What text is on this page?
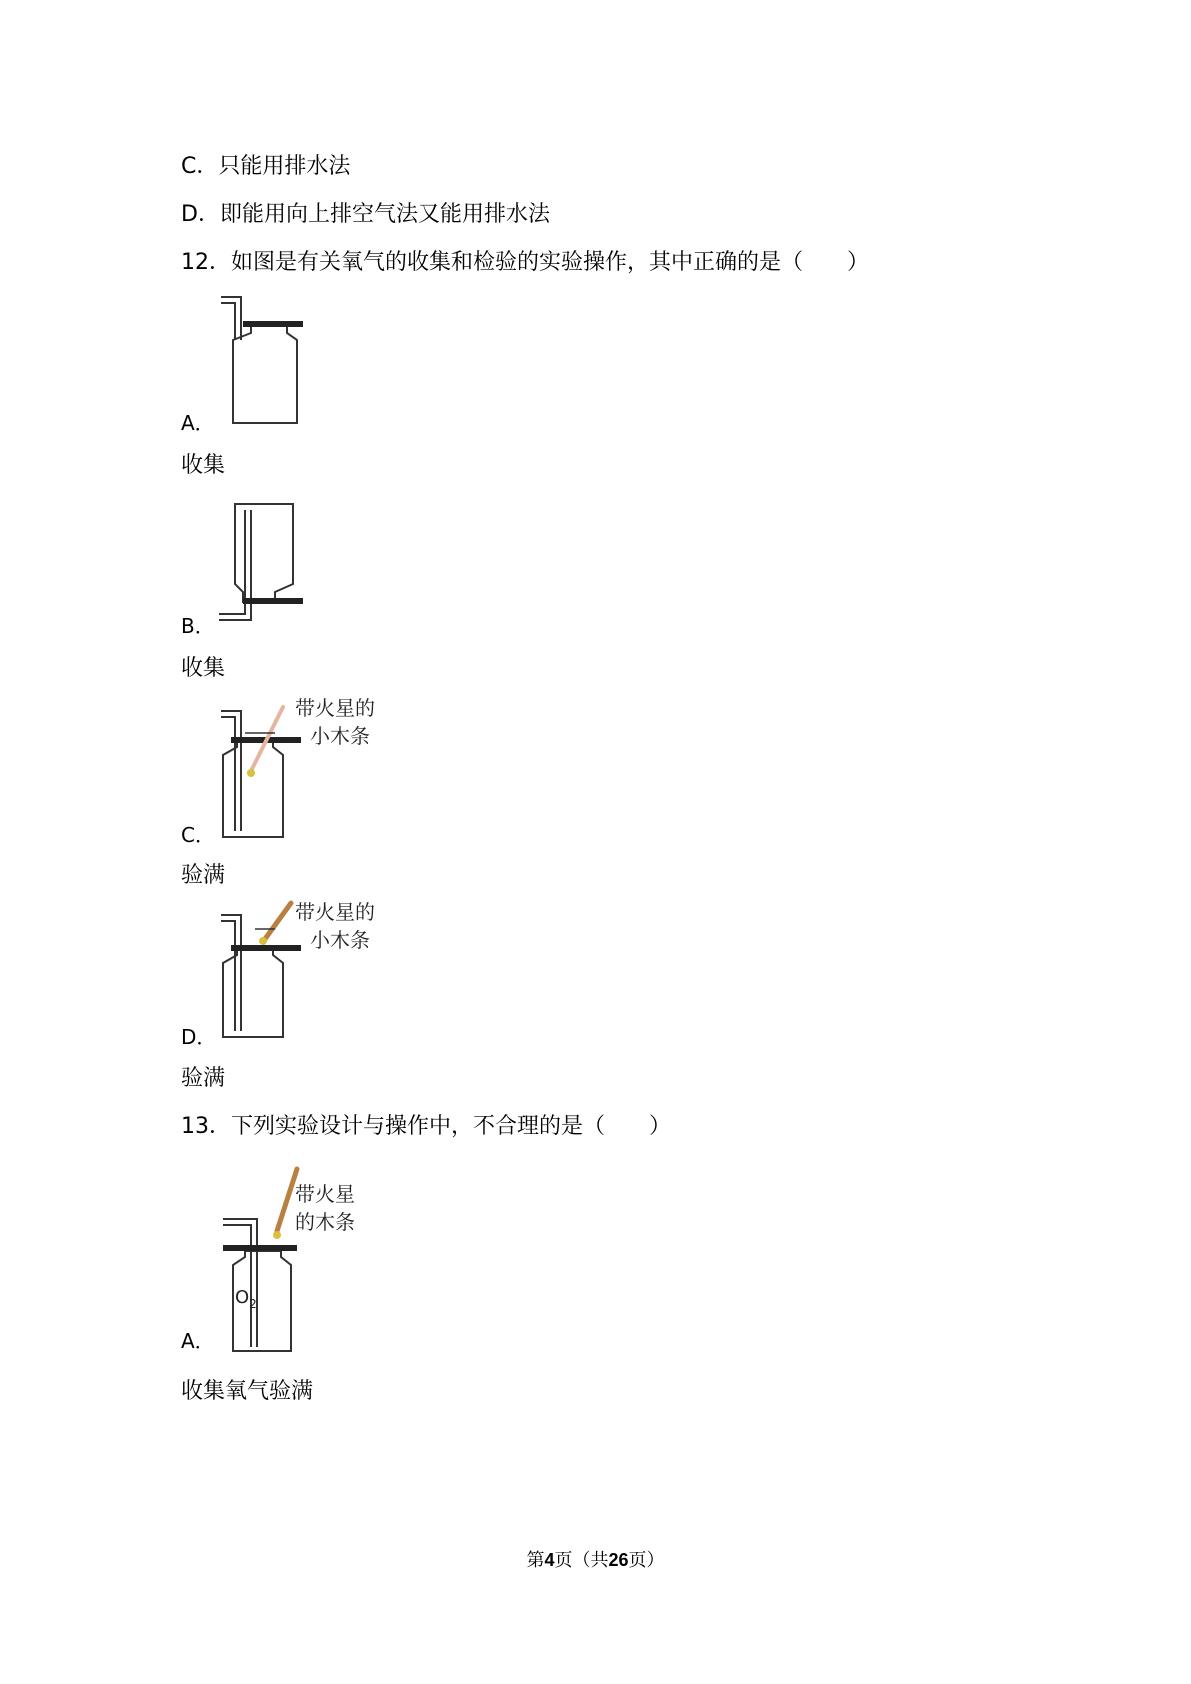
C．只能用排水法
D．即能用向上排空气法又能用排水法
12．如图是有关氧气的收集和检验的实验操作，其中正确的是（　　）
A．
收集
B．
收集
带火星的
小木条
C．
验满
带火星的
小木条
D．
验满
13．下列实验设计与操作中，不合理的是（　　）
带火星
的木条
$O_2$
A．
收集氧气验满
第4页（共26页）
